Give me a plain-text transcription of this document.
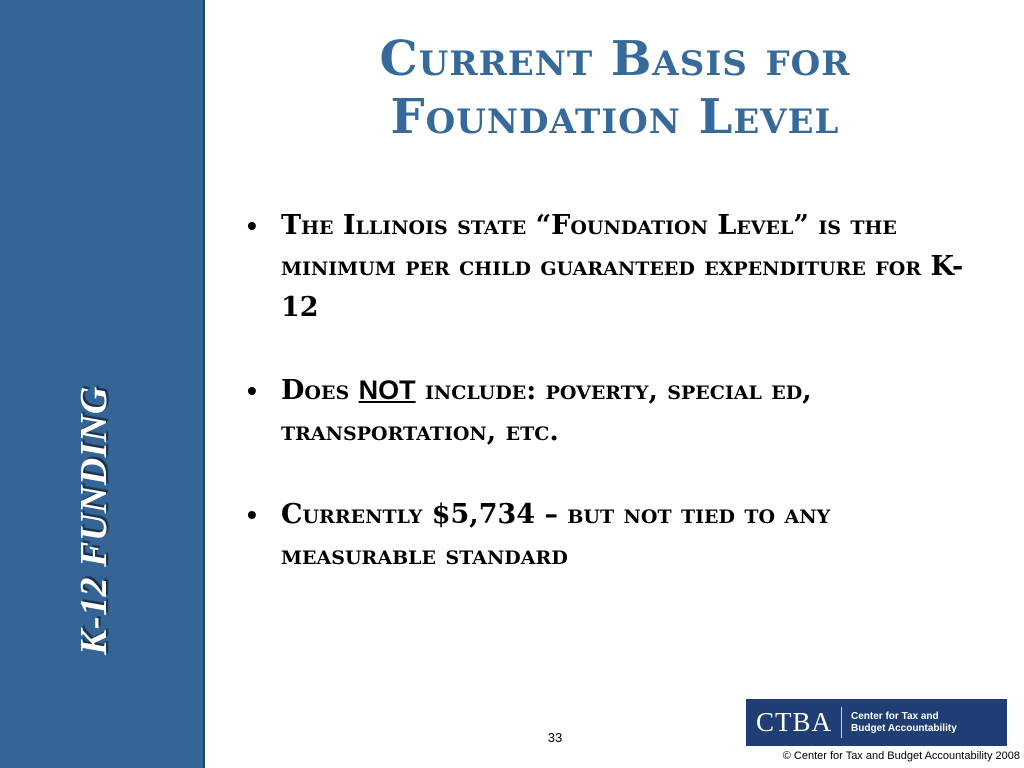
K-12 FUNDING
Current Basis for
Foundation Level
• The Illinois state “Foundation Level” is the minimum per child guaranteed expenditure for K-12
• Does NOT include: poverty, special ed, transportation, etc.
• Currently $5,734 – but not tied to any measurable standard
33
CTBA	Center for Tax and
Budget Accountability
© Center for Tax and Budget Accountability 2008
